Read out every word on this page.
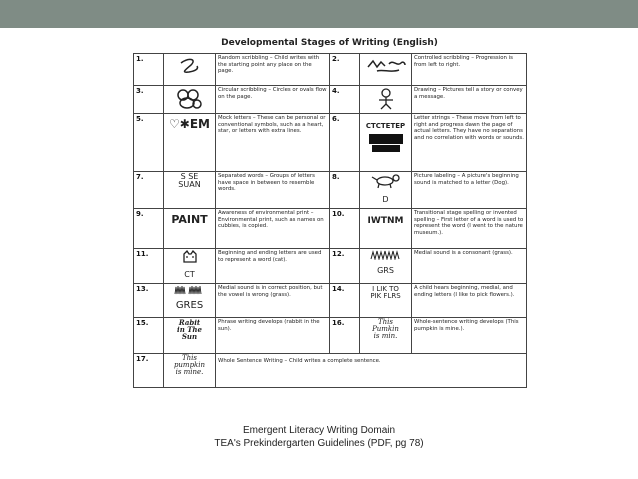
Developmental Stages of Writing (English)
1.		Random scribbling – Child writes with the starting point any place on the page.	2.		Controlled scribbling – Progression is from left to right.
3.		Circular scribbling – Circles or ovals flow on the page.	4.		Drawing – Pictures tell a story or convey a message.
5.	♡✱EM	Mock letters – These can be personal or conventional symbols, such as a heart, star, or letters with extra lines.	6.	CTCTETEP	Letter strings – These move from left to right and progress dawn the page of actual letters. They have no separations and no correlation with words or sounds.
7.	S SE SUAN	Separated words – Groups of letters have space in between to resemble words.	8.	D	Picture labeling – A picture's beginning sound is matched to a letter (Dog).
9.	PAINT	Awareness of environmental print – Environmental print, such as names on cubbies, is copied.	10.	IWTNM	Transitional stage spelling or invented spelling – First letter of a word is used to represent the word (I went to the nature museum.).
11.	CT	Beginning and ending letters are used to represent a word (cat).	12.	GRS	Medial sound is a consonant (grass).
13.	GRES	Medial sound is in correct position, but the vowel is wrong (grass).	14.	I LIK TO PIK FLRS	A child hears beginning, medial, and ending letters (I like to pick flowers.).
15.	Rabit in The Sun	Phrase writing develops (rabbit in the sun).	16.	This Pumkin is min.	Whole-sentence writing develops (This pumpkin is mine.).
17.	This pumpkin is mine.	Whole Sentence Writing – Child writes a complete sentence.			
Emergent Literacy Writing Domain
TEA's Prekindergarten Guidelines (PDF, pg 78)
